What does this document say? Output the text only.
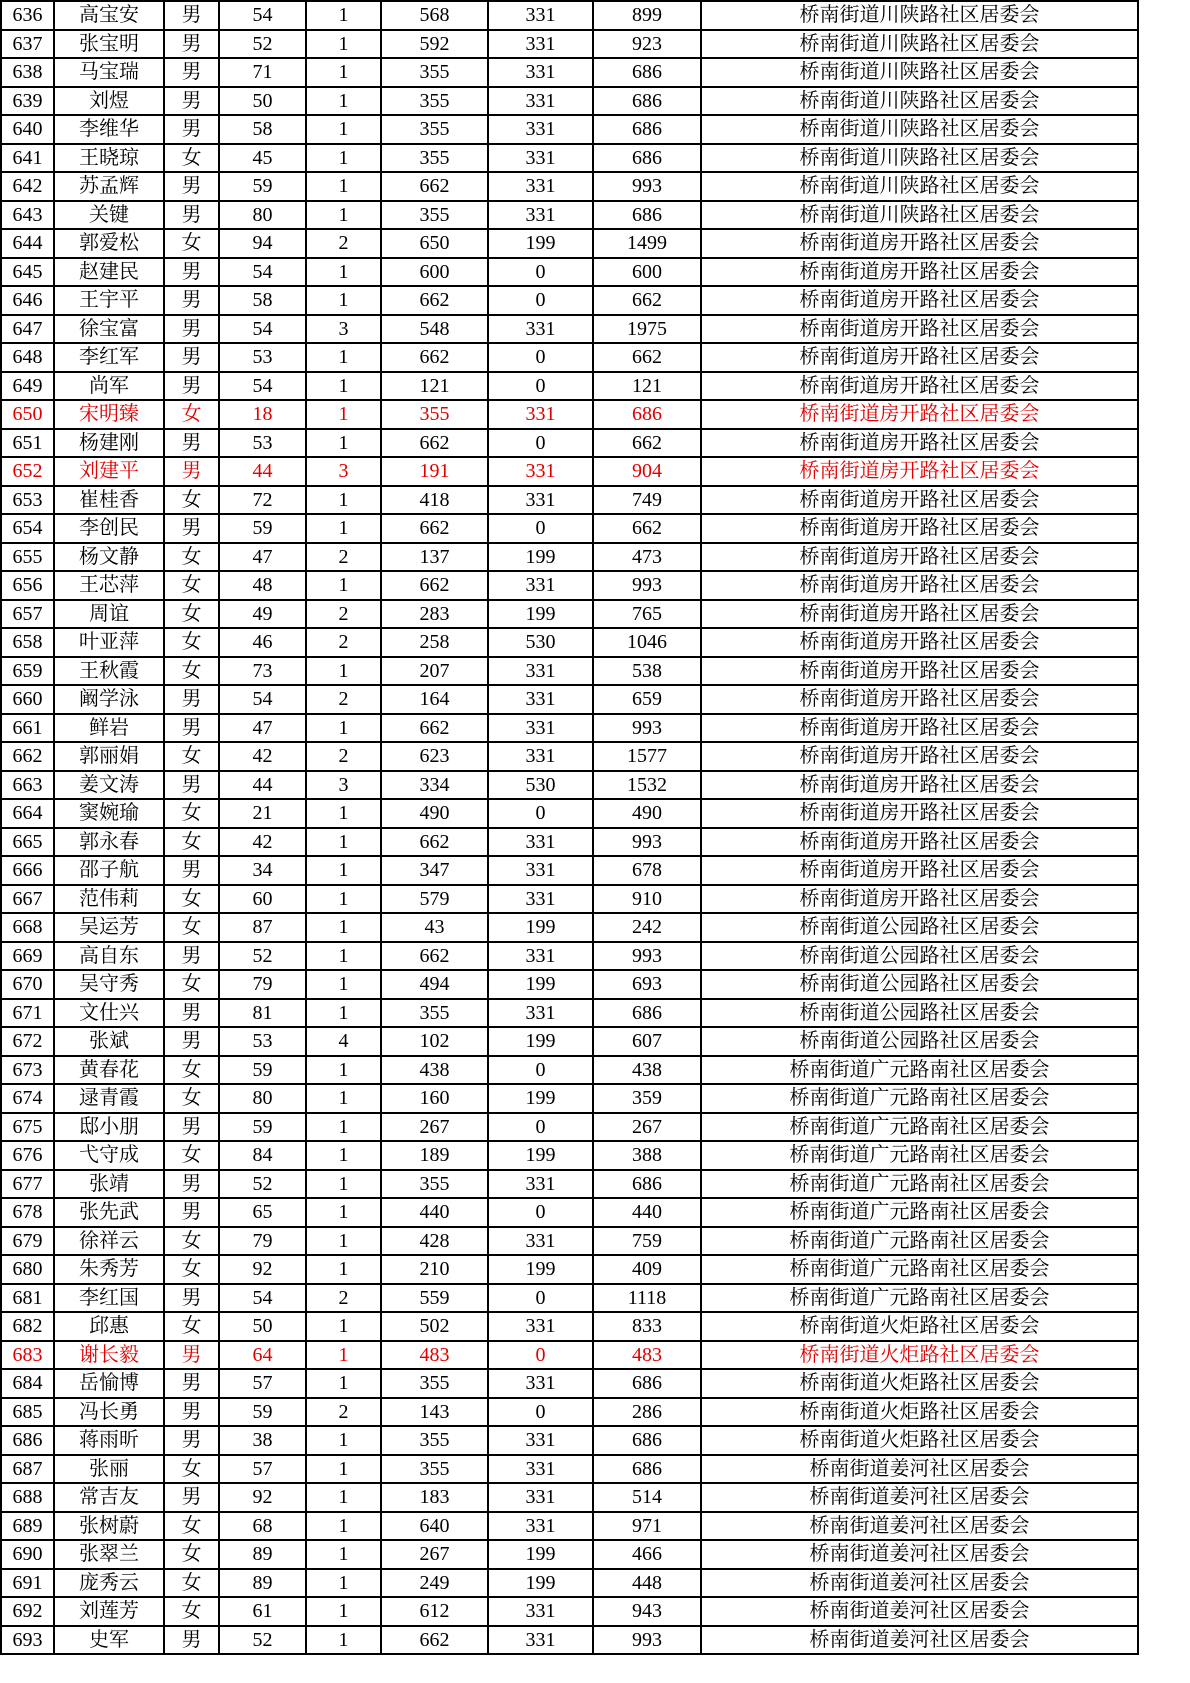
636	高宝安	男	54	1	568	331	899	桥南街道川陕路社区居委会
637	张宝明	男	52	1	592	331	923	桥南街道川陕路社区居委会
638	马宝瑞	男	71	1	355	331	686	桥南街道川陕路社区居委会
639	刘煜	男	50	1	355	331	686	桥南街道川陕路社区居委会
640	李维华	男	58	1	355	331	686	桥南街道川陕路社区居委会
641	王晓琼	女	45	1	355	331	686	桥南街道川陕路社区居委会
642	苏孟辉	男	59	1	662	331	993	桥南街道川陕路社区居委会
643	关键	男	80	1	355	331	686	桥南街道川陕路社区居委会
644	郭爱松	女	94	2	650	199	1499	桥南街道房开路社区居委会
645	赵建民	男	54	1	600	0	600	桥南街道房开路社区居委会
646	王宇平	男	58	1	662	0	662	桥南街道房开路社区居委会
647	徐宝富	男	54	3	548	331	1975	桥南街道房开路社区居委会
648	李红军	男	53	1	662	0	662	桥南街道房开路社区居委会
649	尚军	男	54	1	121	0	121	桥南街道房开路社区居委会
650	宋明臻	女	18	1	355	331	686	桥南街道房开路社区居委会
651	杨建刚	男	53	1	662	0	662	桥南街道房开路社区居委会
652	刘建平	男	44	3	191	331	904	桥南街道房开路社区居委会
653	崔桂香	女	72	1	418	331	749	桥南街道房开路社区居委会
654	李创民	男	59	1	662	0	662	桥南街道房开路社区居委会
655	杨文静	女	47	2	137	199	473	桥南街道房开路社区居委会
656	王芯萍	女	48	1	662	331	993	桥南街道房开路社区居委会
657	周谊	女	49	2	283	199	765	桥南街道房开路社区居委会
658	叶亚萍	女	46	2	258	530	1046	桥南街道房开路社区居委会
659	王秋霞	女	73	1	207	331	538	桥南街道房开路社区居委会
660	阚学泳	男	54	2	164	331	659	桥南街道房开路社区居委会
661	鲜岩	男	47	1	662	331	993	桥南街道房开路社区居委会
662	郭丽娟	女	42	2	623	331	1577	桥南街道房开路社区居委会
663	姜文涛	男	44	3	334	530	1532	桥南街道房开路社区居委会
664	窦婉瑜	女	21	1	490	0	490	桥南街道房开路社区居委会
665	郭永春	女	42	1	662	331	993	桥南街道房开路社区居委会
666	邵子航	男	34	1	347	331	678	桥南街道房开路社区居委会
667	范伟莉	女	60	1	579	331	910	桥南街道房开路社区居委会
668	吴运芳	女	87	1	43	199	242	桥南街道公园路社区居委会
669	高自东	男	52	1	662	331	993	桥南街道公园路社区居委会
670	吴守秀	女	79	1	494	199	693	桥南街道公园路社区居委会
671	文仕兴	男	81	1	355	331	686	桥南街道公园路社区居委会
672	张斌	男	53	4	102	199	607	桥南街道公园路社区居委会
673	黄春花	女	59	1	438	0	438	桥南街道广元路南社区居委会
674	逯青霞	女	80	1	160	199	359	桥南街道广元路南社区居委会
675	邸小朋	男	59	1	267	0	267	桥南街道广元路南社区居委会
676	弋守成	女	84	1	189	199	388	桥南街道广元路南社区居委会
677	张靖	男	52	1	355	331	686	桥南街道广元路南社区居委会
678	张先武	男	65	1	440	0	440	桥南街道广元路南社区居委会
679	徐祥云	女	79	1	428	331	759	桥南街道广元路南社区居委会
680	朱秀芳	女	92	1	210	199	409	桥南街道广元路南社区居委会
681	李红国	男	54	2	559	0	1118	桥南街道广元路南社区居委会
682	邱惠	女	50	1	502	331	833	桥南街道火炬路社区居委会
683	谢长毅	男	64	1	483	0	483	桥南街道火炬路社区居委会
684	岳愉博	男	57	1	355	331	686	桥南街道火炬路社区居委会
685	冯长勇	男	59	2	143	0	286	桥南街道火炬路社区居委会
686	蒋雨昕	男	38	1	355	331	686	桥南街道火炬路社区居委会
687	张丽	女	57	1	355	331	686	桥南街道姜河社区居委会
688	常吉友	男	92	1	183	331	514	桥南街道姜河社区居委会
689	张树蔚	女	68	1	640	331	971	桥南街道姜河社区居委会
690	张翠兰	女	89	1	267	199	466	桥南街道姜河社区居委会
691	庞秀云	女	89	1	249	199	448	桥南街道姜河社区居委会
692	刘莲芳	女	61	1	612	331	943	桥南街道姜河社区居委会
693	史军	男	52	1	662	331	993	桥南街道姜河社区居委会
